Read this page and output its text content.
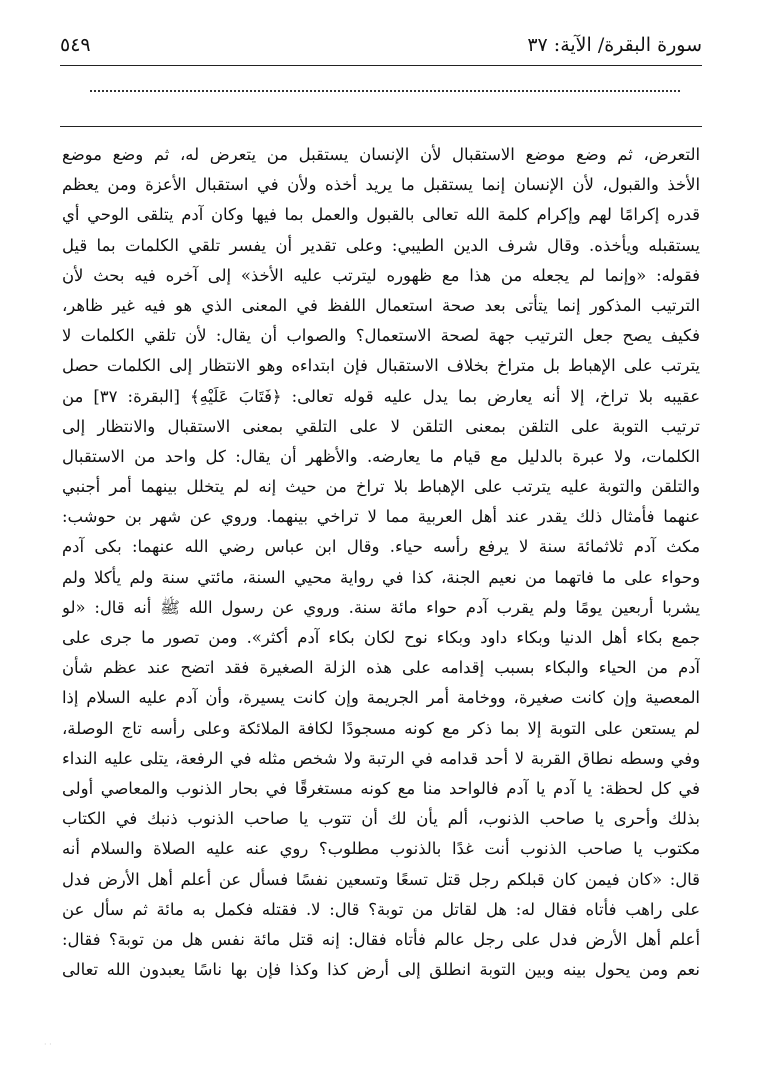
سورة البقرة/ الآية: ٣٧
٥٤٩
التعرض، ثم وضع موضع الاستقبال لأن الإنسان يستقبل من يتعرض له، ثم وضع موضع
الأخذ والقبول، لأن الإنسان إنما يستقبل ما يريد أخذه ولأن في استقبال الأعزة ومن يعظم
قدره إكرامًا لهم وإكرام كلمة الله تعالى بالقبول والعمل بما فيها وكان آدم يتلقى الوحي أي
يستقبله ويأخذه. وقال شرف الدين الطيبي: وعلى تقدير أن يفسر تلقي الكلمات بما قيل
فقوله: «وإنما لم يجعله من هذا مع ظهوره ليترتب عليه الأخذ» إلى آخره فيه بحث لأن
الترتيب المذكور إنما يتأتى بعد صحة استعمال اللفظ في المعنى الذي هو فيه غير ظاهر،
فكيف يصح جعل الترتيب جهة لصحة الاستعمال؟ والصواب أن يقال: لأن تلقي الكلمات لا
يترتب على الإهباط بل متراخ بخلاف الاستقبال فإن ابتداءه وهو الانتظار إلى الكلمات حصل
عقيبه بلا تراخ، إلا أنه يعارض بما يدل عليه قوله تعالى: ﴿فَتَابَ عَلَيْهِ﴾ [البقرة: ٣٧] من
ترتيب التوبة على التلقن بمعنى التلقن لا على التلقي بمعنى الاستقبال والانتظار إلى
الكلمات، ولا عبرة بالدليل مع قيام ما يعارضه. والأظهر أن يقال: كل واحد من الاستقبال
والتلقن والتوبة عليه يترتب على الإهباط بلا تراخ من حيث إنه لم يتخلل بينهما أمر أجنبي
عنهما فأمثال ذلك يقدر عند أهل العربية مما لا تراخي بينهما. وروي عن شهر بن حوشب:
مكث آدم ثلاثمائة سنة لا يرفع رأسه حياء. وقال ابن عباس رضي الله عنهما: بكى آدم
وحواء على ما فاتهما من نعيم الجنة، كذا في رواية محيي السنة، مائتي سنة ولم يأكلا ولم
يشربا أربعين يومًا ولم يقرب آدم حواء مائة سنة. وروي عن رسول الله ﷺ أنه قال: «لو
جمع بكاء أهل الدنيا وبكاء داود وبكاء نوح لكان بكاء آدم أكثر». ومن تصور ما جرى على
آدم من الحياء والبكاء بسبب إقدامه على هذه الزلة الصغيرة فقد اتضح عند عظم شأن
المعصية وإن كانت صغيرة، ووخامة أمر الجريمة وإن كانت يسيرة، وأن آدم عليه السلام إذا
لم يستعن على التوبة إلا بما ذكر مع كونه مسجودًا لكافة الملائكة وعلى رأسه تاج الوصلة،
وفي وسطه نطاق القربة لا أحد قدامه في الرتبة ولا شخص مثله في الرفعة، يتلى عليه النداء
في كل لحظة: يا آدم يا آدم فالواحد منا مع كونه مستغرقًا في بحار الذنوب والمعاصي أولى
بذلك وأحرى يا صاحب الذنوب، ألم يأن لك أن تتوب يا صاحب الذنوب ذنبك في الكتاب
مكتوب يا صاحب الذنوب أنت غدًا بالذنوب مطلوب؟ روي عنه عليه الصلاة والسلام أنه
قال: «كان فيمن كان قبلكم رجل قتل تسعًا وتسعين نفسًا فسأل عن أعلم أهل الأرض فدل
على راهب فأتاه فقال له: هل لقاتل من توبة؟ قال: لا. فقتله فكمل به مائة ثم سأل عن
أعلم أهل الأرض فدل على رجل عالم فأتاه فقال: إنه قتل مائة نفس هل من توبة؟ فقال:
نعم ومن يحول بينه وبين التوبة انطلق إلى أرض كذا وكذا فإن بها ناسًا يعبدون الله تعالى
· ·
